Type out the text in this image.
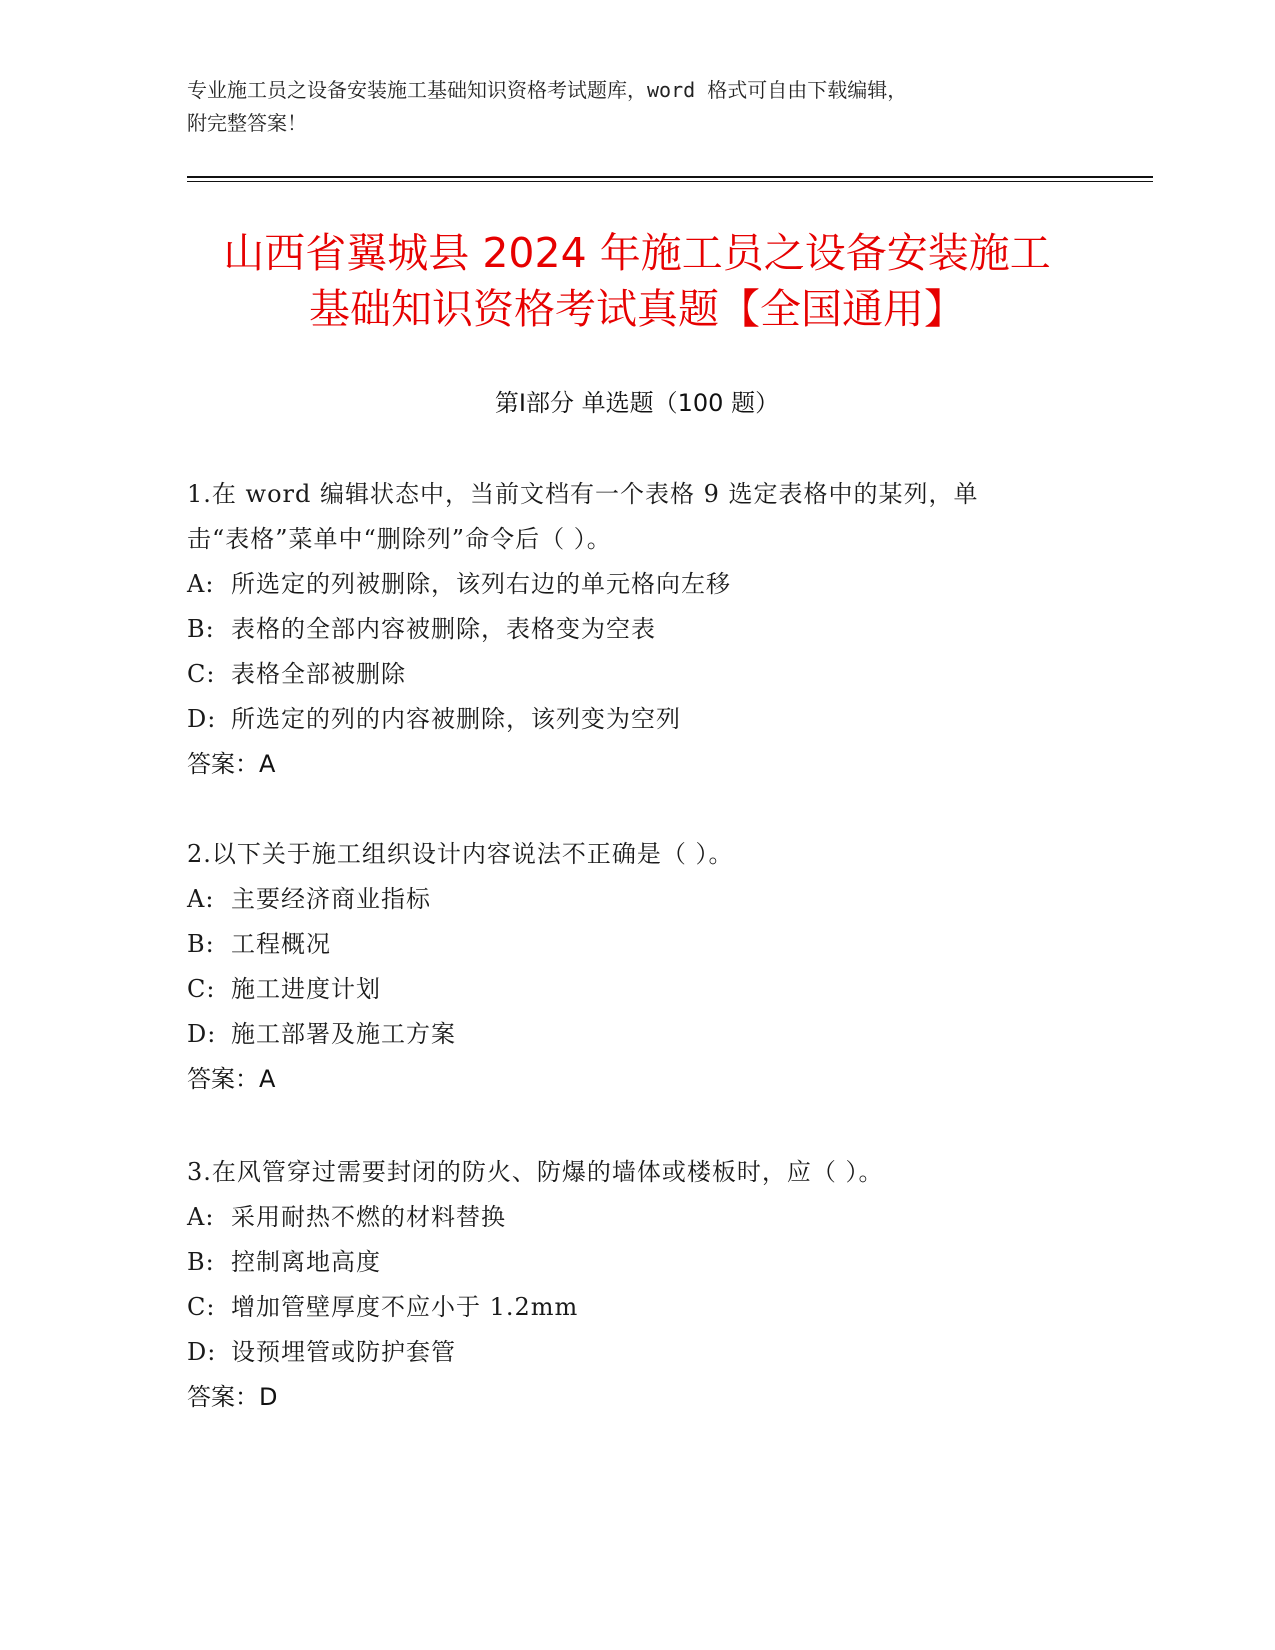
专业施工员之设备安装施工基础知识资格考试题库，word 格式可自由下载编辑，
附完整答案！
山西省翼城县 2024 年施工员之设备安装施工
基础知识资格考试真题【全国通用】
第Ⅰ部分 单选题（100 题）

1.在 word 编辑状态中，当前文档有一个表格 9 选定表格中的某列，单

击“表格”菜单中“删除列”命令后（ ）。

A: 所选定的列被删除，该列右边的单元格向左移

B: 表格的全部内容被删除，表格变为空表

C: 表格全部被删除

D: 所选定的列的内容被删除，该列变为空列

答案：A

2.以下关于施工组织设计内容说法不正确是（ ）。

A: 主要经济商业指标

B: 工程概况

C: 施工进度计划

D: 施工部署及施工方案

答案：A

3.在风管穿过需要封闭的防火、防爆的墙体或楼板时，应（ ）。

A: 采用耐热不燃的材料替换

B: 控制离地高度

C: 增加管壁厚度不应小于 1.2mm

D: 设预埋管或防护套管

答案：D
